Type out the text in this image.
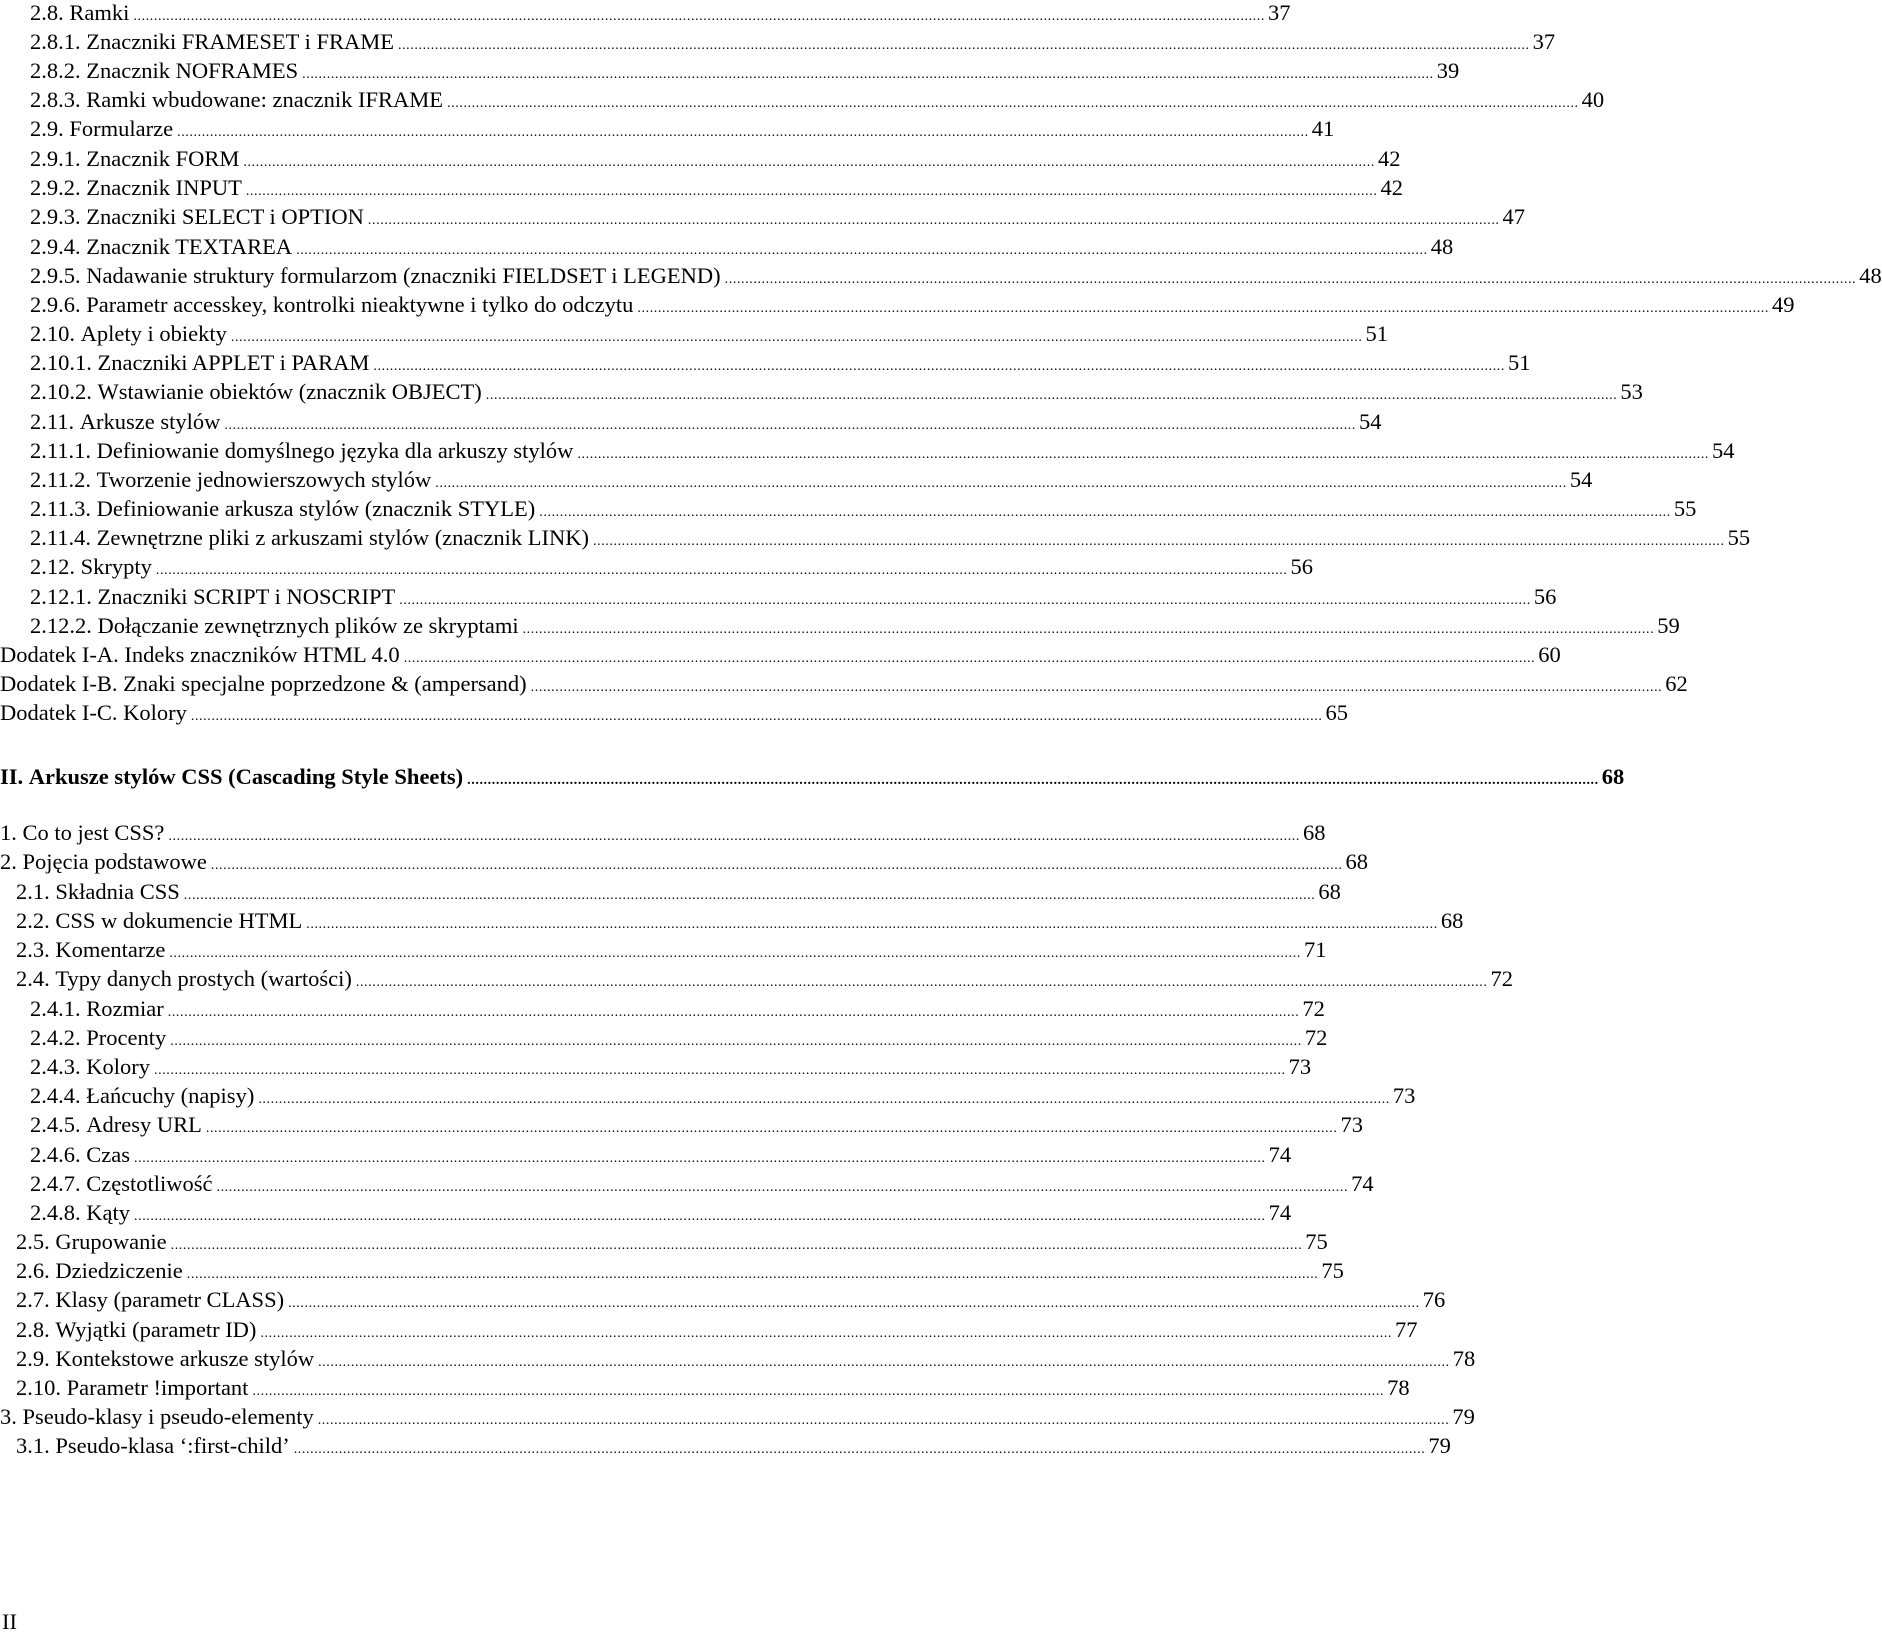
2.8. Ramki .................................................................................................................................................................................................................................................................................... 37
2.8.1. Znaczniki FRAMESET i FRAME .................................................................................................................................................................................................................................................................................... 37
2.8.2. Znacznik NOFRAMES .................................................................................................................................................................................................................................................................................... 39
2.8.3. Ramki wbudowane: znacznik IFRAME .................................................................................................................................................................................................................................................................................... 40
2.9. Formularze .................................................................................................................................................................................................................................................................................... 41
2.9.1. Znacznik FORM .................................................................................................................................................................................................................................................................................... 42
2.9.2. Znacznik INPUT .................................................................................................................................................................................................................................................................................... 42
2.9.3. Znaczniki SELECT i OPTION .................................................................................................................................................................................................................................................................................... 47
2.9.4. Znacznik TEXTAREA .................................................................................................................................................................................................................................................................................... 48
2.9.5. Nadawanie struktury formularzom (znaczniki FIELDSET i LEGEND) .................................................................................................................................................................................................................................................................................... 48
2.9.6. Parametr accesskey, kontrolki nieaktywne i tylko do odczytu .................................................................................................................................................................................................................................................................................... 49
2.10. Aplety i obiekty .................................................................................................................................................................................................................................................................................... 51
2.10.1. Znaczniki APPLET i PARAM .................................................................................................................................................................................................................................................................................... 51
2.10.2. Wstawianie obiektów (znacznik OBJECT) .................................................................................................................................................................................................................................................................................... 53
2.11. Arkusze stylów .................................................................................................................................................................................................................................................................................... 54
2.11.1. Definiowanie domyślnego języka dla arkuszy stylów .................................................................................................................................................................................................................................................................................... 54
2.11.2. Tworzenie jednowierszowych stylów .................................................................................................................................................................................................................................................................................... 54
2.11.3. Definiowanie arkusza stylów (znacznik STYLE) .................................................................................................................................................................................................................................................................................... 55
2.11.4. Zewnętrzne pliki z arkuszami stylów (znacznik LINK) .................................................................................................................................................................................................................................................................................... 55
2.12. Skrypty .................................................................................................................................................................................................................................................................................... 56
2.12.1. Znaczniki SCRIPT i NOSCRIPT .................................................................................................................................................................................................................................................................................... 56
2.12.2. Dołączanie zewnętrznych plików ze skryptami .................................................................................................................................................................................................................................................................................... 59
Dodatek I-A. Indeks znaczników HTML 4.0 .................................................................................................................................................................................................................................................................................... 60
Dodatek I-B. Znaki specjalne poprzedzone & (ampersand) .................................................................................................................................................................................................................................................................................... 62
Dodatek I-C. Kolory .................................................................................................................................................................................................................................................................................... 65
II. Arkusze stylów CSS (Cascading Style Sheets) .................................................................................................................................................................................................................................................................................... 68
1. Co to jest CSS? .................................................................................................................................................................................................................................................................................... 68
2. Pojęcia podstawowe .................................................................................................................................................................................................................................................................................... 68
2.1. Składnia CSS .................................................................................................................................................................................................................................................................................... 68
2.2. CSS w dokumencie HTML .................................................................................................................................................................................................................................................................................... 68
2.3. Komentarze .................................................................................................................................................................................................................................................................................... 71
2.4. Typy danych prostych (wartości) .................................................................................................................................................................................................................................................................................... 72
2.4.1. Rozmiar .................................................................................................................................................................................................................................................................................... 72
2.4.2. Procenty .................................................................................................................................................................................................................................................................................... 72
2.4.3. Kolory .................................................................................................................................................................................................................................................................................... 73
2.4.4. Łańcuchy (napisy) .................................................................................................................................................................................................................................................................................... 73
2.4.5. Adresy URL .................................................................................................................................................................................................................................................................................... 73
2.4.6. Czas .................................................................................................................................................................................................................................................................................... 74
2.4.7. Częstotliwość .................................................................................................................................................................................................................................................................................... 74
2.4.8. Kąty .................................................................................................................................................................................................................................................................................... 74
2.5. Grupowanie .................................................................................................................................................................................................................................................................................... 75
2.6. Dziedziczenie .................................................................................................................................................................................................................................................................................... 75
2.7. Klasy (parametr CLASS) .................................................................................................................................................................................................................................................................................... 76
2.8. Wyjątki (parametr ID) .................................................................................................................................................................................................................................................................................... 77
2.9. Kontekstowe arkusze stylów .................................................................................................................................................................................................................................................................................... 78
2.10. Parametr !important .................................................................................................................................................................................................................................................................................... 78
3. Pseudo-klasy i pseudo-elementy .................................................................................................................................................................................................................................................................................... 79
3.1. Pseudo-klasa ‘:first-child’ .................................................................................................................................................................................................................................................................................... 79
II
